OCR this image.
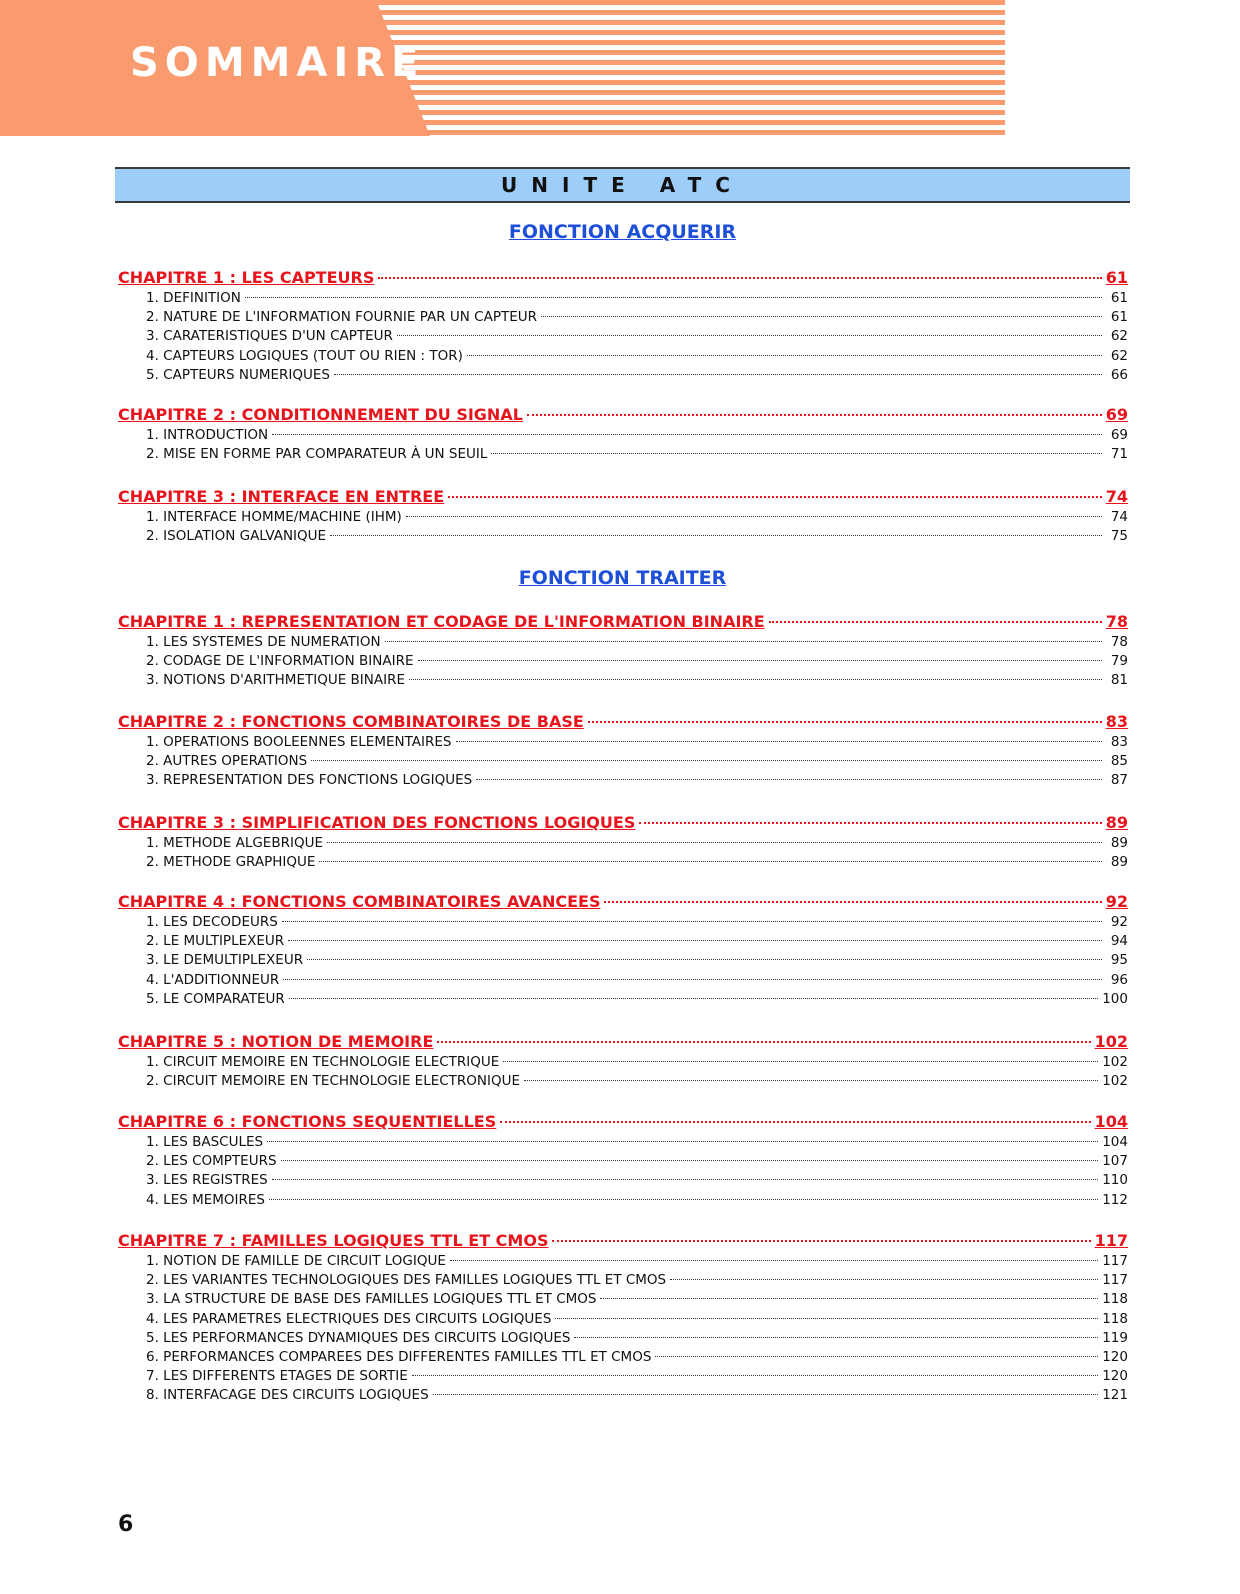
SOMMAIRE
UNITE ATC
FONCTION ACQUERIR
CHAPITRE 1 : LES CAPTEURS	61
1. DEFINITION	61
2. NATURE DE L'INFORMATION FOURNIE PAR UN CAPTEUR	61
3. CARATERISTIQUES D'UN CAPTEUR	62
4. CAPTEURS LOGIQUES (TOUT OU RIEN : TOR)	62
5. CAPTEURS NUMERIQUES	66
CHAPITRE 2 : CONDITIONNEMENT DU SIGNAL	69
1. INTRODUCTION	69
2. MISE EN FORME PAR COMPARATEUR À UN SEUIL	71
CHAPITRE 3 : INTERFACE EN ENTREE	74
1. INTERFACE HOMME/MACHINE (IHM)	74
2. ISOLATION GALVANIQUE	75
FONCTION TRAITER
CHAPITRE 1 : REPRESENTATION ET CODAGE DE L'INFORMATION BINAIRE	78
1. LES SYSTEMES DE NUMERATION	78
2. CODAGE DE L'INFORMATION BINAIRE	79
3. NOTIONS D'ARITHMETIQUE BINAIRE	81
CHAPITRE 2 : FONCTIONS COMBINATOIRES DE BASE	83
1. OPERATIONS BOOLEENNES ELEMENTAIRES	83
2. AUTRES OPERATIONS	85
3. REPRESENTATION DES FONCTIONS LOGIQUES	87
CHAPITRE 3 : SIMPLIFICATION DES FONCTIONS LOGIQUES	89
1. METHODE ALGEBRIQUE	89
2. METHODE GRAPHIQUE	89
CHAPITRE 4 : FONCTIONS COMBINATOIRES AVANCEES	92
1. LES DECODEURS	92
2. LE MULTIPLEXEUR	94
3. LE DEMULTIPLEXEUR	95
4. L'ADDITIONNEUR	96
5. LE COMPARATEUR	100
CHAPITRE 5 : NOTION DE MEMOIRE	102
1. CIRCUIT MEMOIRE EN TECHNOLOGIE ELECTRIQUE	102
2. CIRCUIT MEMOIRE EN TECHNOLOGIE ELECTRONIQUE	102
CHAPITRE 6 : FONCTIONS SEQUENTIELLES	104
1. LES BASCULES	104
2. LES COMPTEURS	107
3. LES REGISTRES	110
4. LES MEMOIRES	112
CHAPITRE 7 : FAMILLES LOGIQUES TTL ET CMOS	117
1. NOTION DE FAMILLE DE CIRCUIT LOGIQUE	117
2. LES VARIANTES TECHNOLOGIQUES DES FAMILLES LOGIQUES TTL ET CMOS	117
3. LA STRUCTURE DE BASE DES FAMILLES LOGIQUES TTL ET CMOS	118
4. LES PARAMETRES ELECTRIQUES DES CIRCUITS LOGIQUES	118
5. LES PERFORMANCES DYNAMIQUES DES CIRCUITS LOGIQUES	119
6. PERFORMANCES COMPAREES DES DIFFERENTES FAMILLES TTL ET CMOS	120
7. LES DIFFERENTS ETAGES DE SORTIE	120
8. INTERFACAGE DES CIRCUITS LOGIQUES	121
6
